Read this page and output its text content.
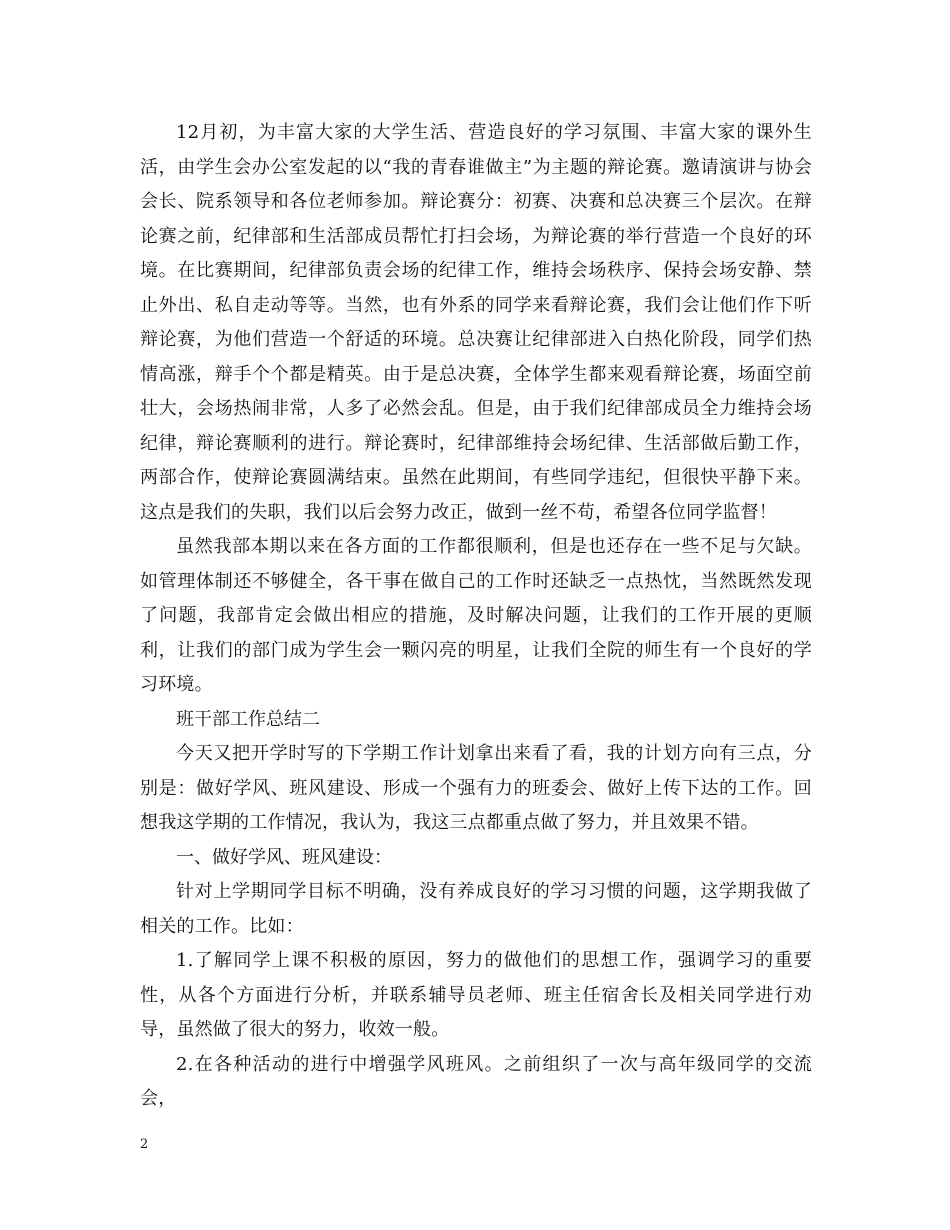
12月初，为丰富大家的大学生活、营造良好的学习氛围、丰富大家的课外生活，由学生会办公室发起的以“我的青春谁做主”为主题的辩论赛。邀请演讲与协会会长、院系领导和各位老师参加。辩论赛分：初赛、决赛和总决赛三个层次。在辩论赛之前，纪律部和生活部成员帮忙打扫会场，为辩论赛的举行营造一个良好的环境。在比赛期间，纪律部负责会场的纪律工作，维持会场秩序、保持会场安静、禁止外出、私自走动等等。当然，也有外系的同学来看辩论赛，我们会让他们作下听辩论赛，为他们营造一个舒适的环境。总决赛让纪律部进入白热化阶段，同学们热情高涨，辩手个个都是精英。由于是总决赛，全体学生都来观看辩论赛，场面空前壮大，会场热闹非常，人多了必然会乱。但是，由于我们纪律部成员全力维持会场纪律，辩论赛顺利的进行。辩论赛时，纪律部维持会场纪律、生活部做后勤工作，两部合作，使辩论赛圆满结束。虽然在此期间，有些同学违纪，但很快平静下来。这点是我们的失职，我们以后会努力改正，做到一丝不苟，希望各位同学监督！

虽然我部本期以来在各方面的工作都很顺利，但是也还存在一些不足与欠缺。如管理体制还不够健全，各干事在做自己的工作时还缺乏一点热忱，当然既然发现了问题，我部肯定会做出相应的措施，及时解决问题，让我们的工作开展的更顺利，让我们的部门成为学生会一颗闪亮的明星，让我们全院的师生有一个良好的学习环境。

班干部工作总结二

今天又把开学时写的下学期工作计划拿出来看了看，我的计划方向有三点，分别是：做好学风、班风建设、形成一个强有力的班委会、做好上传下达的工作。回想我这学期的工作情况，我认为，我这三点都重点做了努力，并且效果不错。

一、做好学风、班风建设：

针对上学期同学目标不明确，没有养成良好的学习习惯的问题，这学期我做了相关的工作。比如：

1.了解同学上课不积极的原因，努力的做他们的思想工作，强调学习的重要性，从各个方面进行分析，并联系辅导员老师、班主任宿舍长及相关同学进行劝导，虽然做了很大的努力，收效一般。

2.在各种活动的进行中增强学风班风。之前组织了一次与高年级同学的交流会，

2
